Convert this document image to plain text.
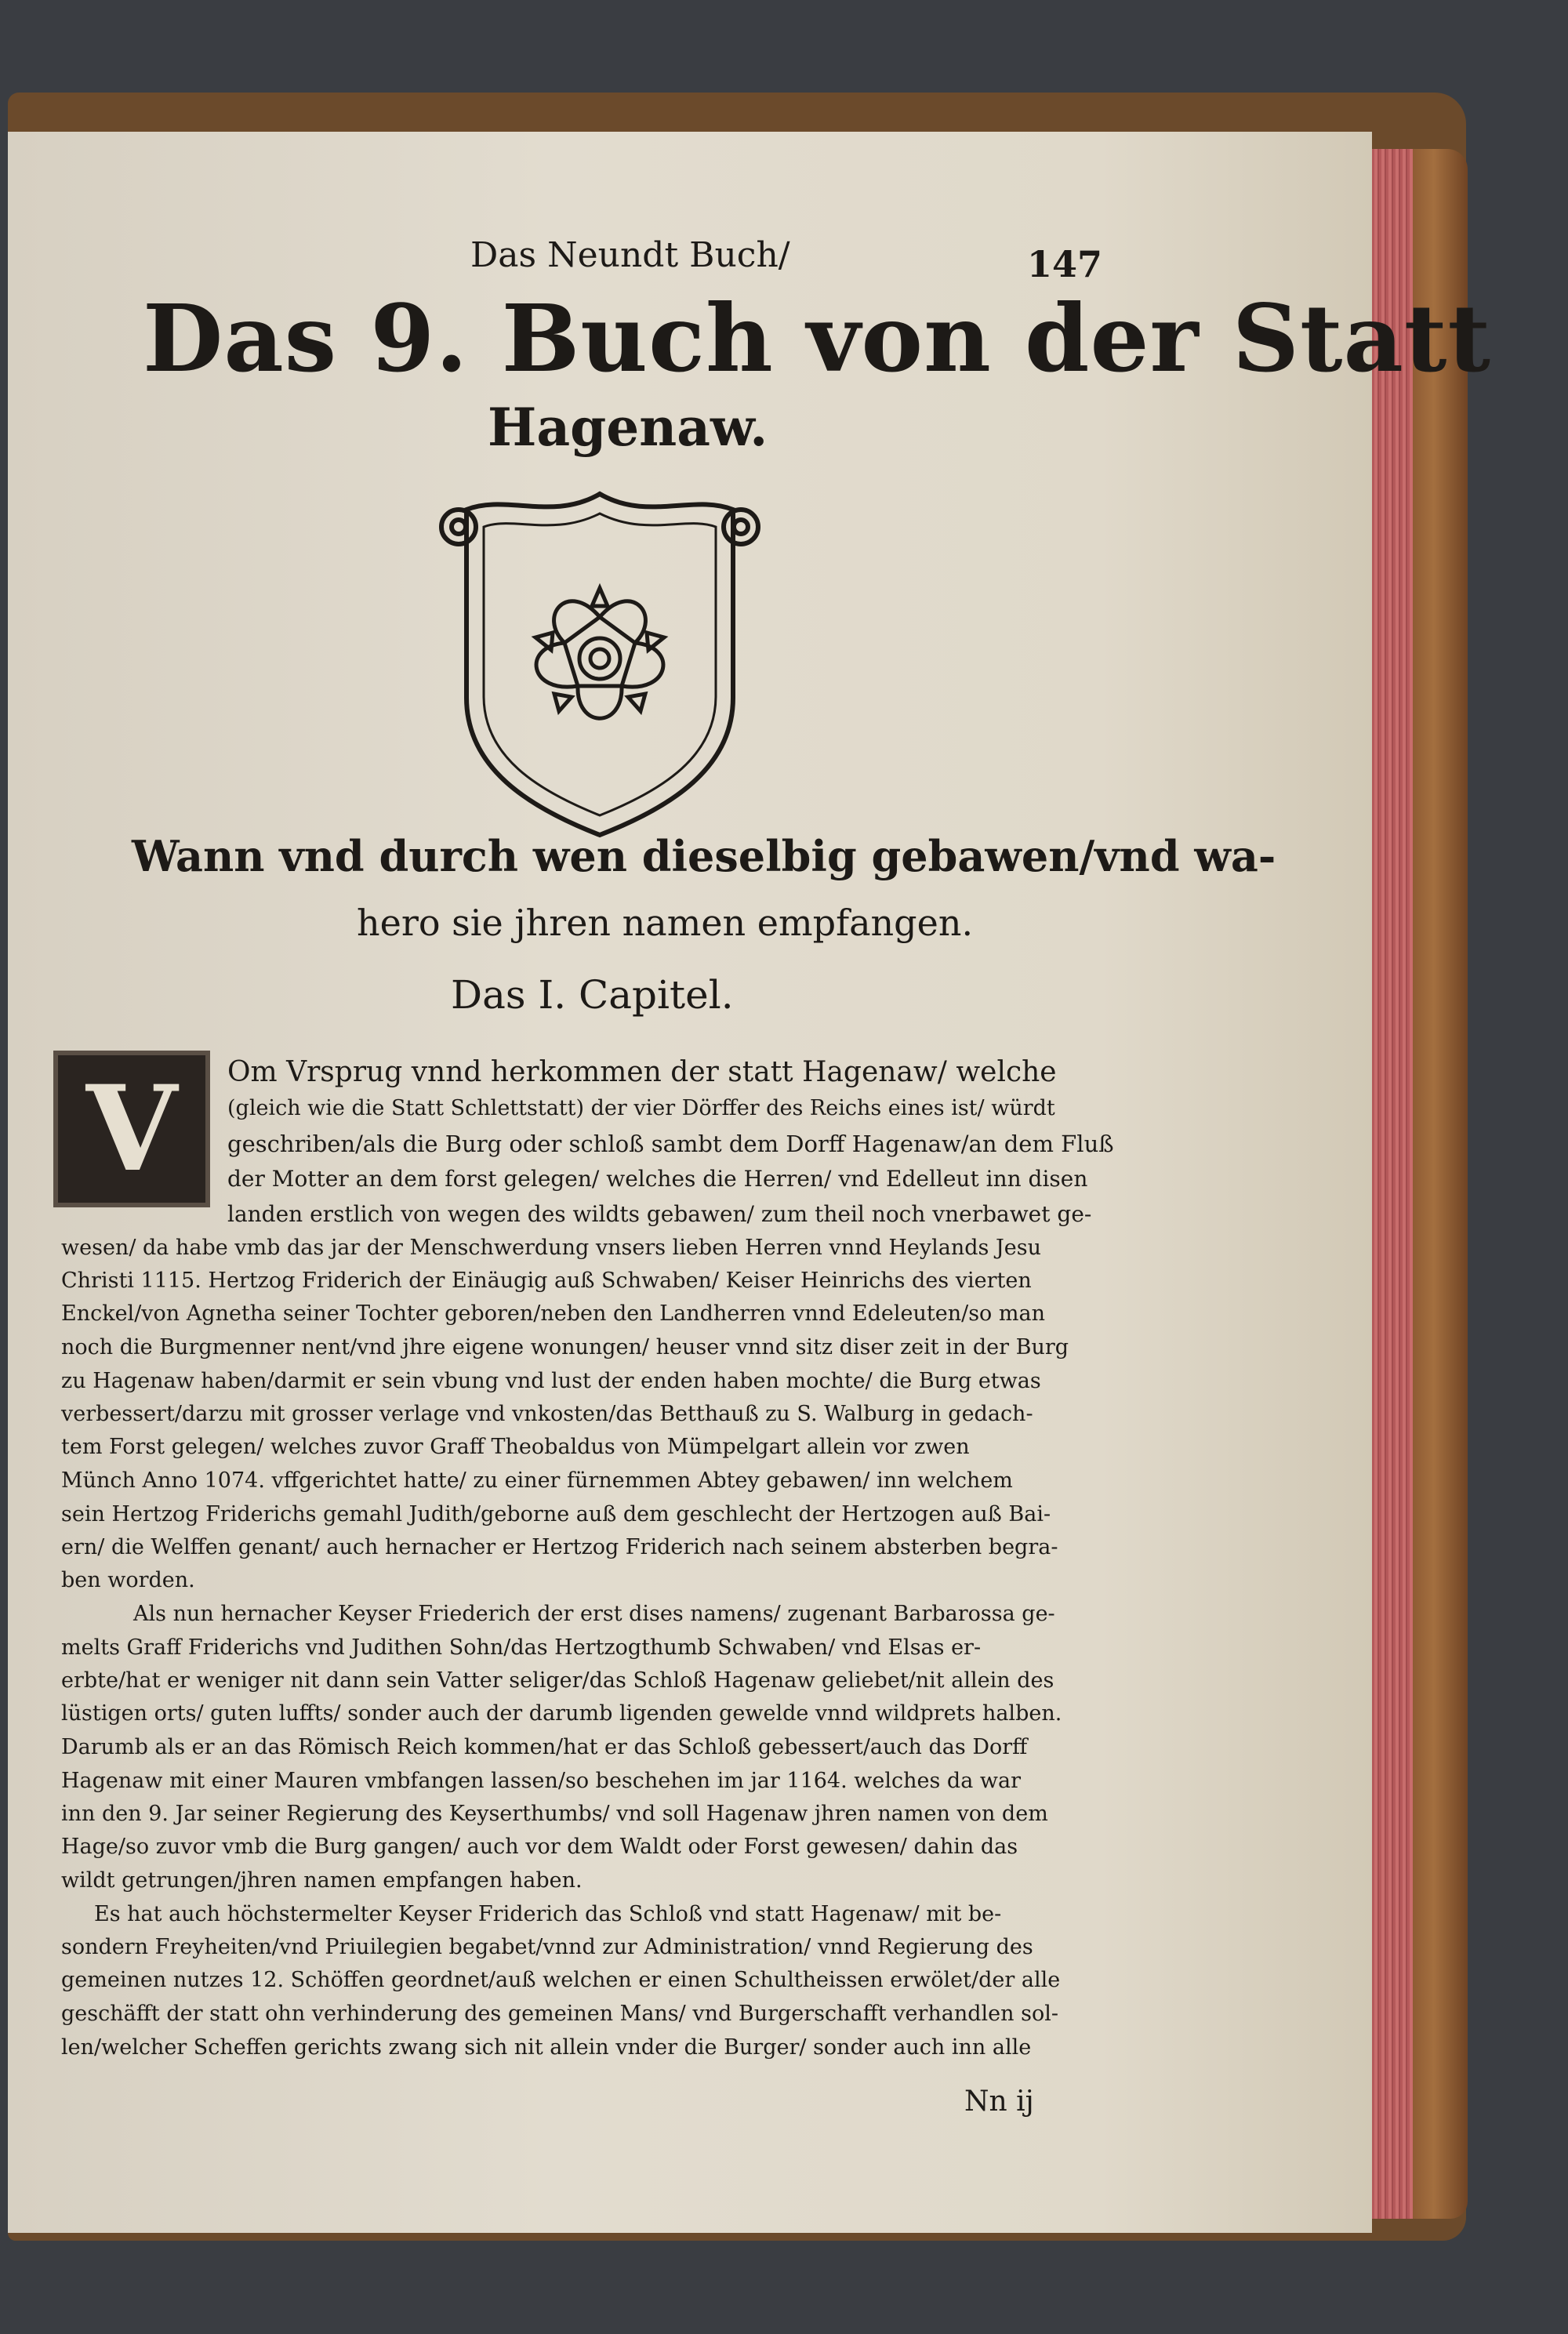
Das Neundt Buch/	147

Das 9. Buch von der Statt

Hagenaw.

Wann vnd durch wen dieselbig gebawen/vnd wa-

hero sie jhren namen empfangen.

Das I. Capitel.

V	Om Vrsprug vnnd herkommen der statt Hagenaw/ welche

(gleich wie die Statt Schlettstatt) der vier Dörffer des Reichs eines ist/ würdt

geschriben/als die Burg oder schloß sambt dem Dorff Hagenaw/an dem Fluß

der Motter an dem forst gelegen/ welches die Herren/ vnd Edelleut inn disen

landen erstlich von wegen des wildts gebawen/ zum theil noch vnerbawet ge-

wesen/ da habe vmb das jar der Menschwerdung vnsers lieben Herren vnnd Heylands Jesu

Christi 1115. Hertzog Friderich der Einäugig auß Schwaben/ Keiser Heinrichs des vierten

Enckel/von Agnetha seiner Tochter geboren/neben den Landherren vnnd Edeleuten/so man

noch die Burgmenner nent/vnd jhre eigene wonungen/ heuser vnnd sitz diser zeit in der Burg

zu Hagenaw haben/darmit er sein vbung vnd lust der enden haben mochte/ die Burg etwas

verbessert/darzu mit grosser verlage vnd vnkosten/das Betthauß zu S. Walburg in gedach-

tem Forst gelegen/ welches zuvor Graff Theobaldus von Mümpelgart allein vor zwen

Münch Anno 1074. vffgerichtet hatte/ zu einer fürnemmen Abtey gebawen/ inn welchem

sein Hertzog Friderichs gemahl Judith/geborne auß dem geschlecht der Hertzogen auß Bai-

ern/ die Welffen genant/ auch hernacher er Hertzog Friderich nach seinem absterben begra-

ben worden.

Als nun hernacher Keyser Friederich der erst dises namens/ zugenant Barbarossa ge-

melts Graff Friderichs vnd Judithen Sohn/das Hertzogthumb Schwaben/ vnd Elsas er-

erbte/hat er weniger nit dann sein Vatter seliger/das Schloß Hagenaw geliebet/nit allein des

lüstigen orts/ guten luffts/ sonder auch der darumb ligenden gewelde vnnd wildprets halben.

Darumb als er an das Römisch Reich kommen/hat er das Schloß gebessert/auch das Dorff

Hagenaw mit einer Mauren vmbfangen lassen/so beschehen im jar 1164. welches da war

inn den 9. Jar seiner Regierung des Keyserthumbs/ vnd soll Hagenaw jhren namen von dem

Hage/so zuvor vmb die Burg gangen/ auch vor dem Waldt oder Forst gewesen/ dahin das

wildt getrungen/jhren namen empfangen haben.

Es hat auch höchstermelter Keyser Friderich das Schloß vnd statt Hagenaw/ mit be-

sondern Freyheiten/vnd Priuilegien begabet/vnnd zur Administration/ vnnd Regierung des

gemeinen nutzes 12. Schöffen geordnet/auß welchen er einen Schultheissen erwölet/der alle

geschäfft der statt ohn verhinderung des gemeinen Mans/ vnd Burgerschafft verhandlen sol-

len/welcher Scheffen gerichts zwang sich nit allein vnder die Burger/ sonder auch inn alle

Nn ij
